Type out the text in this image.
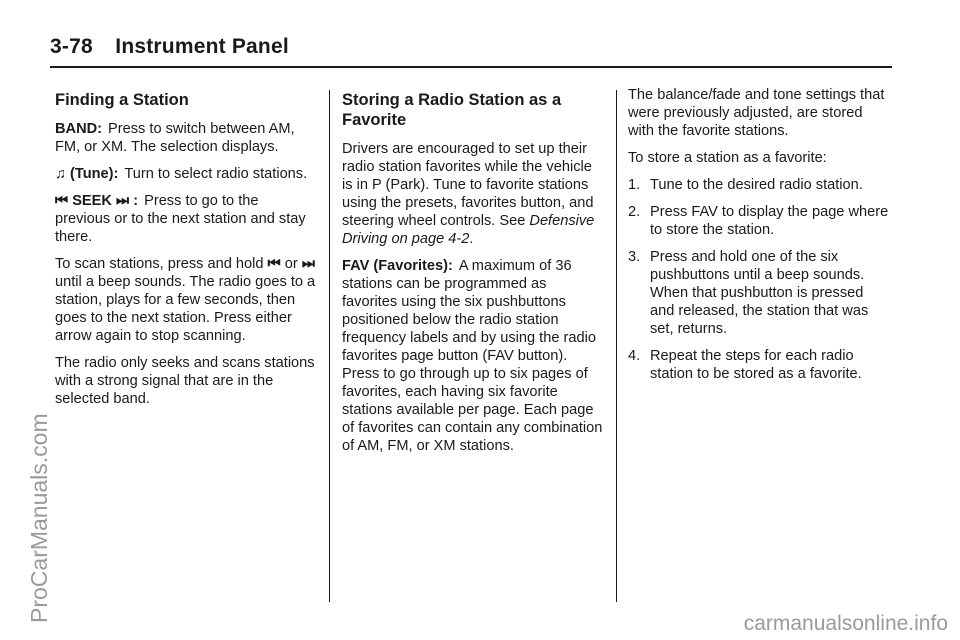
3-78 Instrument Panel
Finding a Station

BAND: Press to switch between AM, FM, or XM. The selection displays.

♫ (Tune): Turn to select radio stations.

⏮ SEEK ⏭ : Press to go to the previous or to the next station and stay there.

To scan stations, press and hold ⏮ or ⏭ until a beep sounds. The radio goes to a station, plays for a few seconds, then goes to the next station. Press either arrow again to stop scanning.

The radio only seeks and scans stations with a strong signal that are in the selected band.

Storing a Radio Station as a Favorite

Drivers are encouraged to set up their radio station favorites while the vehicle is in P (Park). Tune to favorite stations using the presets, favorites button, and steering wheel controls. See Defensive Driving on page 4-2.

FAV (Favorites): A maximum of 36 stations can be programmed as favorites using the six pushbuttons positioned below the radio station frequency labels and by using the radio favorites page button (FAV button). Press to go through up to six pages of favorites, each having six favorite stations available per page. Each page of favorites can contain any combination of AM, FM, or XM stations.

The balance/fade and tone settings that were previously adjusted, are stored with the favorite stations.

To store a station as a favorite:

1. Tune to the desired radio station.
2. Press FAV to display the page where to store the station.
3. Press and hold one of the six pushbuttons until a beep sounds. When that pushbutton is pressed and released, the station that was set, returns.
4. Repeat the steps for each radio station to be stored as a favorite.
ProCarManuals.com
carmanualsonline.info
